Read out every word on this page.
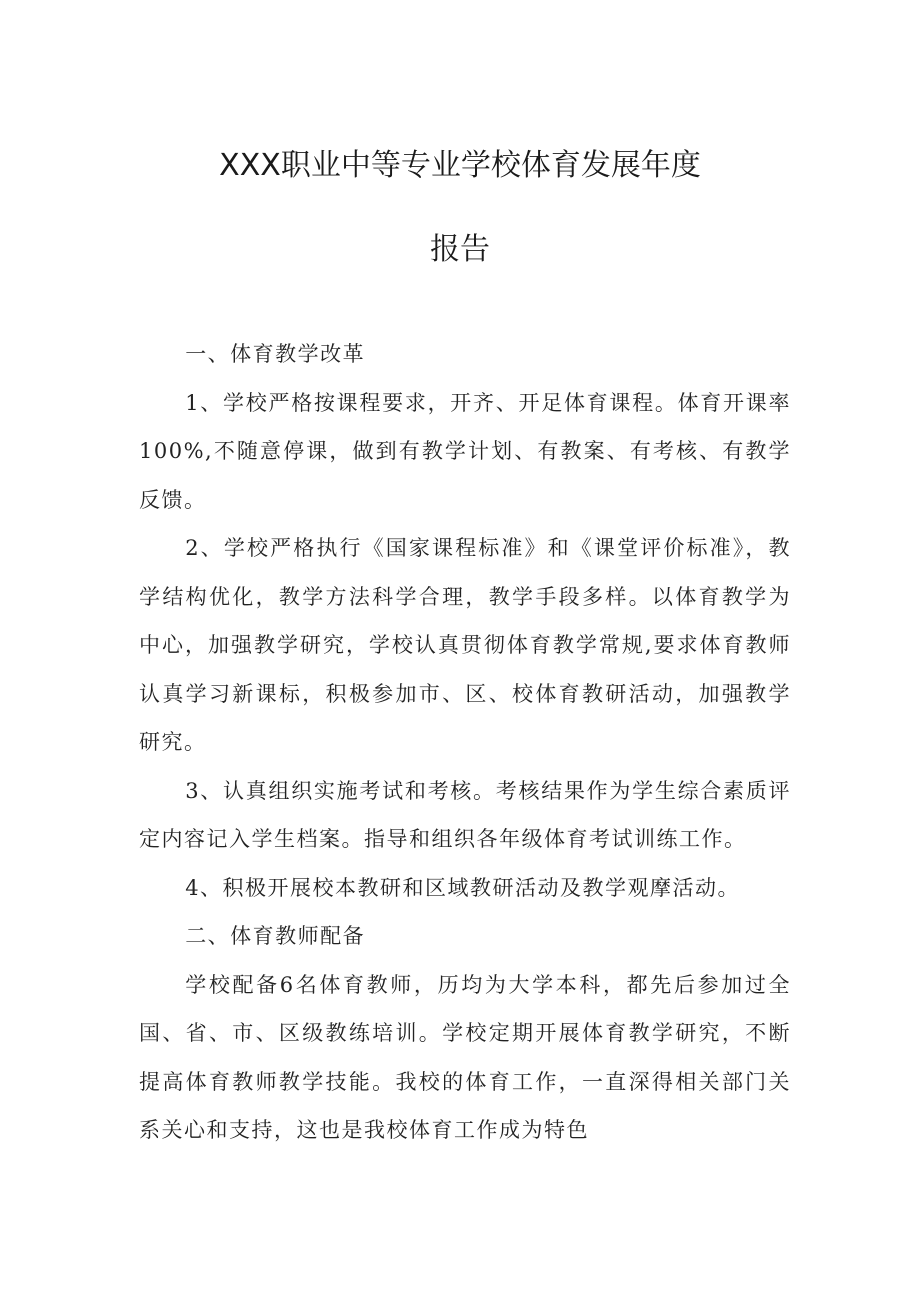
XXX职业中等专业学校体育发展年度
报告

一、体育教学改革

1、学校严格按课程要求，开齐、开足体育课程。体育开课率100%,不随意停课，做到有教学计划、有教案、有考核、有教学反馈。

2、学校严格执行《国家课程标准》和《课堂评价标准》，教学结构优化，教学方法科学合理，教学手段多样。以体育教学为中心，加强教学研究，学校认真贯彻体育教学常规,要求体育教师认真学习新课标，积极参加市、区、校体育教研活动，加强教学研究。

3、认真组织实施考试和考核。考核结果作为学生综合素质评定内容记入学生档案。指导和组织各年级体育考试训练工作。

4、积极开展校本教研和区域教研活动及教学观摩活动。

二、体育教师配备

学校配备6名体育教师，历均为大学本科，都先后参加过全国、省、市、区级教练培训。学校定期开展体育教学研究，不断提高体育教师教学技能。我校的体育工作，一直深得相关部门关系关心和支持，这也是我校体育工作成为特色
